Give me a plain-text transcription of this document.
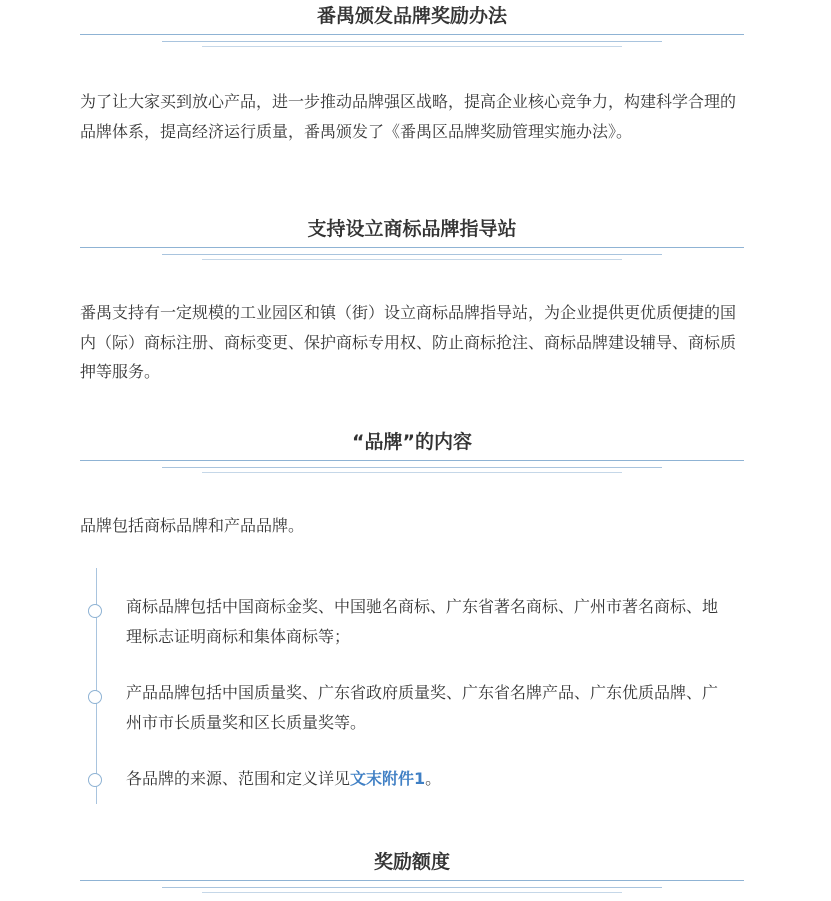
番禺颁发品牌奖励办法

为了让大家买到放心产品，进一步推动品牌强区战略，提高企业核心竞争力，构建科学合理的品牌体系，提高经济运行质量，番禺颁发了《番禺区品牌奖励管理实施办法》。

支持设立商标品牌指导站

番禺支持有一定规模的工业园区和镇（街）设立商标品牌指导站，为企业提供更优质便捷的国内（际）商标注册、商标变更、保护商标专用权、防止商标抢注、商标品牌建设辅导、商标质押等服务。

“品牌”的内容

品牌包括商标品牌和产品品牌。

商标品牌包括中国商标金奖、中国驰名商标、广东省著名商标、广州市著名商标、地理标志证明商标和集体商标等；

产品品牌包括中国质量奖、广东省政府质量奖、广东省名牌产品、广东优质品牌、广州市市长质量奖和区长质量奖等。

各品牌的来源、范围和定义详见文末附件1。

奖励额度
